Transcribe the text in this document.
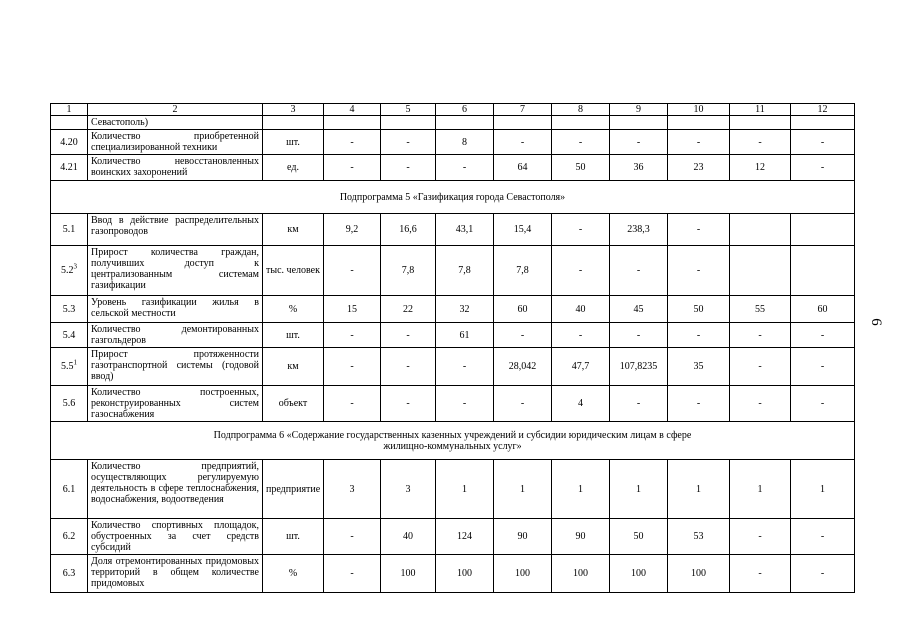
1	2	3	4	5	6	7	8	9	10	11	12
	Севастополь)										
4.20	Количество приобретенной специализированной техники	шт.	-	-	8	-	-	-	-	-	-
4.21	Количество невосстановленных воинских захоронений	ед.	-	-	-	64	50	36	23	12	-

Подпрограмма 5 «Газификация города Севастополя»											

5.1	Ввод в действие распределительных газопроводов	км	9,2	16,6	43,1	15,4	-	238,3	-		
$5.2^3$	Прирост количества граждан, получивших доступ к централизованным системам газификации	тыс. человек	-	7,8	7,8	7,8	-	-	-		
5.3	Уровень газификации жилья в сельской местности	%	15	22	32	60	40	45	50	55	60
5.4	Количество демонтированных газгольдеров	шт.	-	-	61	-	-	-	-	-	-
$5.5^1$	Прирост протяженности газотранспортной системы (годовой ввод)	км	-	-	-	28,042	47,7	107,8235	35	-	-
5.6	Количество построенных, реконструированных систем газоснабжения	объект	-	-	-	-	4	-	-	-	-

Подпрограмма 6 «Содержание государственных казенных учреждений и субсидии юридическим лицам в сфере
жилищно-коммунальных услуг»											

6.1	Количество предприятий, осуществляющих регулируемую деятельность в сфере теплоснабжения, водоснабжения, водоотведения	предприятие	3	3	1	1	1	1	1	1	1
6.2	Количество спортивных площадок, обустроенных за счет средств субсидий	шт.	-	40	124	90	90	50	53	-	-
6.3	Доля отремонтированных придомовых территорий в общем количестве придомовых	%	-	100	100	100	100	100	100	-	-
6
